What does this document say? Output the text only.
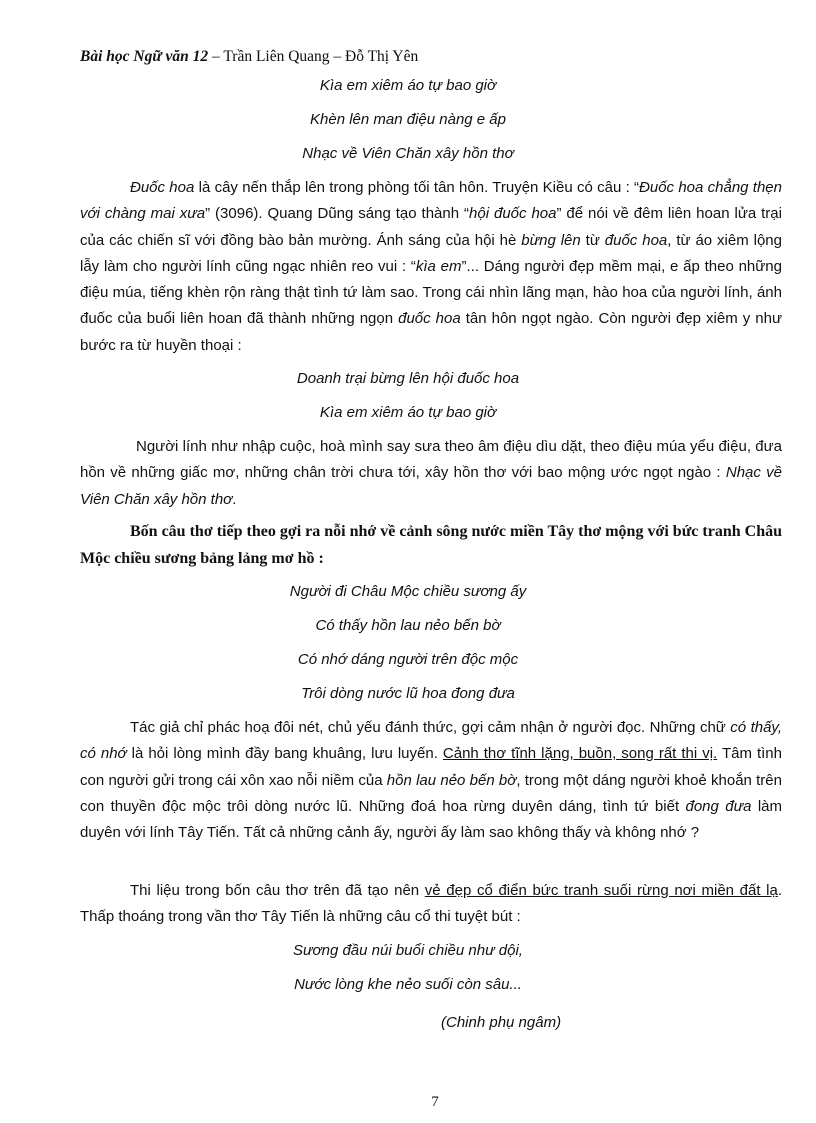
Bài học Ngữ văn 12 – Trần Liên Quang – Đỗ Thị Yên
Kìa em xiêm áo tự bao giờ
Khèn lên man điệu nàng e ấp
Nhạc về Viên Chăn xây hồn thơ
Đuốc hoa là cây nến thắp lên trong phòng tối tân hôn. Truyện Kiều có câu : “Đuốc hoa chẳng thẹn với chàng mai xưa” (3096). Quang Dũng sáng tạo thành “hội đuốc hoa” để nói về đêm liên hoan lửa trại của các chiến sĩ với đồng bào bản mường. Ánh sáng của hội hè bừng lên từ đuốc hoa, từ áo xiêm lộng lẫy làm cho người lính cũng ngạc nhiên reo vui : “kìa em”... Dáng người đẹp mềm mại, e ấp theo những điệu múa, tiếng khèn rộn ràng thật tình tứ làm sao. Trong cái nhìn lãng mạn, hào hoa của người lính, ánh đuốc của buổi liên hoan đã thành những ngọn đuốc hoa tân hôn ngọt ngào. Còn người đẹp xiêm y như bước ra từ huyền thoại :
Doanh trại bừng lên hội đuốc hoa
Kìa em xiêm áo tự bao giờ
Người lính như nhập cuộc, hoà mình say sưa theo âm điệu dìu dặt, theo điệu múa yểu điệu, đưa hồn về những giấc mơ, những chân trời chưa tới, xây hồn thơ với bao mộng ước ngọt ngào : Nhạc về Viên Chăn xây hồn thơ.
Bốn câu thơ tiếp theo gợi ra nỗi nhớ về cảnh sông nước miền Tây thơ mộng với bức tranh Châu Mộc chiều sương bảng lảng mơ hồ :
Người đi Châu Mộc chiều sương ấy
Có thấy hồn lau nẻo bến bờ
Có nhớ dáng người trên độc mộc
Trôi dòng nước lũ hoa đong đưa
Tác giả chỉ phác hoạ đôi nét, chủ yếu đánh thức, gợi cảm nhận ở người đọc. Những chữ có thấy, có nhớ là hỏi lòng mình đầy bang khuâng, lưu luyến. Cảnh thơ tĩnh lặng, buồn, song rất thi vị. Tâm tình con người gửi trong cái xôn xao nỗi niềm của hồn lau nẻo bến bờ, trong một dáng người khoẻ khoắn trên con thuyền độc mộc trôi dòng nước lũ. Những đoá hoa rừng duyên dáng, tình tứ biết đong đưa làm duyên với lính Tây Tiến. Tất cả những cảnh ấy, người ấy làm sao không thấy và không nhớ ?
Thi liệu trong bốn câu thơ trên đã tạo nên vẻ đẹp cổ điển bức tranh suối rừng nơi miền đất lạ. Thấp thoáng trong vần thơ Tây Tiến là những câu cổ thi tuyệt bút :
Sương đầu núi buổi chiều như dội,
Nước lòng khe nẻo suối còn sâu...
(Chinh phụ ngâm)
7
